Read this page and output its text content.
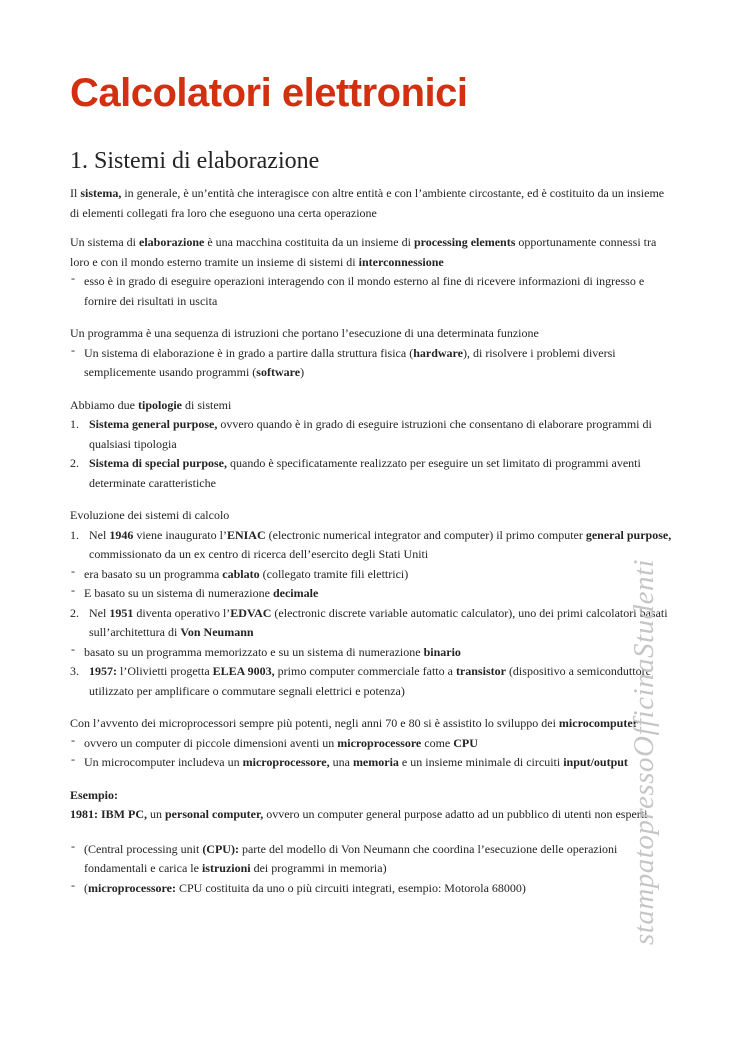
Calcolatori elettronici
1. Sistemi di elaborazione
Il sistema, in generale, è un’entità che interagisce con altre entità e con l’ambiente circostante, ed è costituito da un insieme di elementi collegati fra loro che eseguono una certa operazione
Un sistema di elaborazione è una macchina costituita da un insieme di processing elements opportunamente connessi tra loro e con il mondo esterno tramite un insieme di sistemi di interconnessione
- esso è in grado di eseguire operazioni interagendo con il mondo esterno al fine di ricevere informazioni di ingresso e fornire dei risultati in uscita
Un programma è una sequenza di istruzioni che portano l’esecuzione di una determinata funzione
- Un sistema di elaborazione è in grado a partire dalla struttura fisica (hardware), di risolvere i problemi diversi semplicemente usando programmi (software)
Abbiamo due tipologie di sistemi
1. Sistema general purpose, ovvero quando è in grado di eseguire istruzioni che consentano di elaborare programmi di qualsiasi tipologia
2. Sistema di special purpose, quando è specificatamente realizzato per eseguire un set limitato di programmi aventi determinate caratteristiche
Evoluzione dei sistemi di calcolo
1. Nel 1946 viene inaugurato l’ENIAC (electronic numerical integrator and computer) il primo computer general purpose, commissionato da un ex centro di ricerca dell’esercito degli Stati Uniti
- era basato su un programma cablato (collegato tramite fili elettrici)
- E basato su un sistema di numerazione decimale
2. Nel 1951 diventa operativo l’EDVAC (electronic discrete variable automatic calculator), uno dei primi calcolatori basati sull’architettura di Von Neumann
- basato su un programma memorizzato e su un sistema di numerazione binario
3. 1957: l’Olivietti progetta ELEA 9003, primo computer commerciale fatto a transistor (dispositivo a semiconduttore utilizzato per amplificare o commutare segnali elettrici e potenza)
Con l’avvento dei microprocessori sempre più potenti, negli anni 70 e 80 si è assistito lo sviluppo dei microcomputer
- ovvero un computer di piccole dimensioni aventi un microprocessore come CPU
- Un microcomputer includeva un microprocessore, una memoria e un insieme minimale di circuiti input/output
Esempio:
1981: IBM PC, un personal computer, ovvero un computer general purpose adatto ad un pubblico di utenti non esperti
- (Central processing unit (CPU): parte del modello di Von Neumann che coordina l’esecuzione delle operazioni fondamentali e carica le istruzioni dei programmi in memoria)
- (microprocessore: CPU costituita da uno o più circuiti integrati, esempio: Motorola 68000)	stampatopressoOfficinaStudenti
